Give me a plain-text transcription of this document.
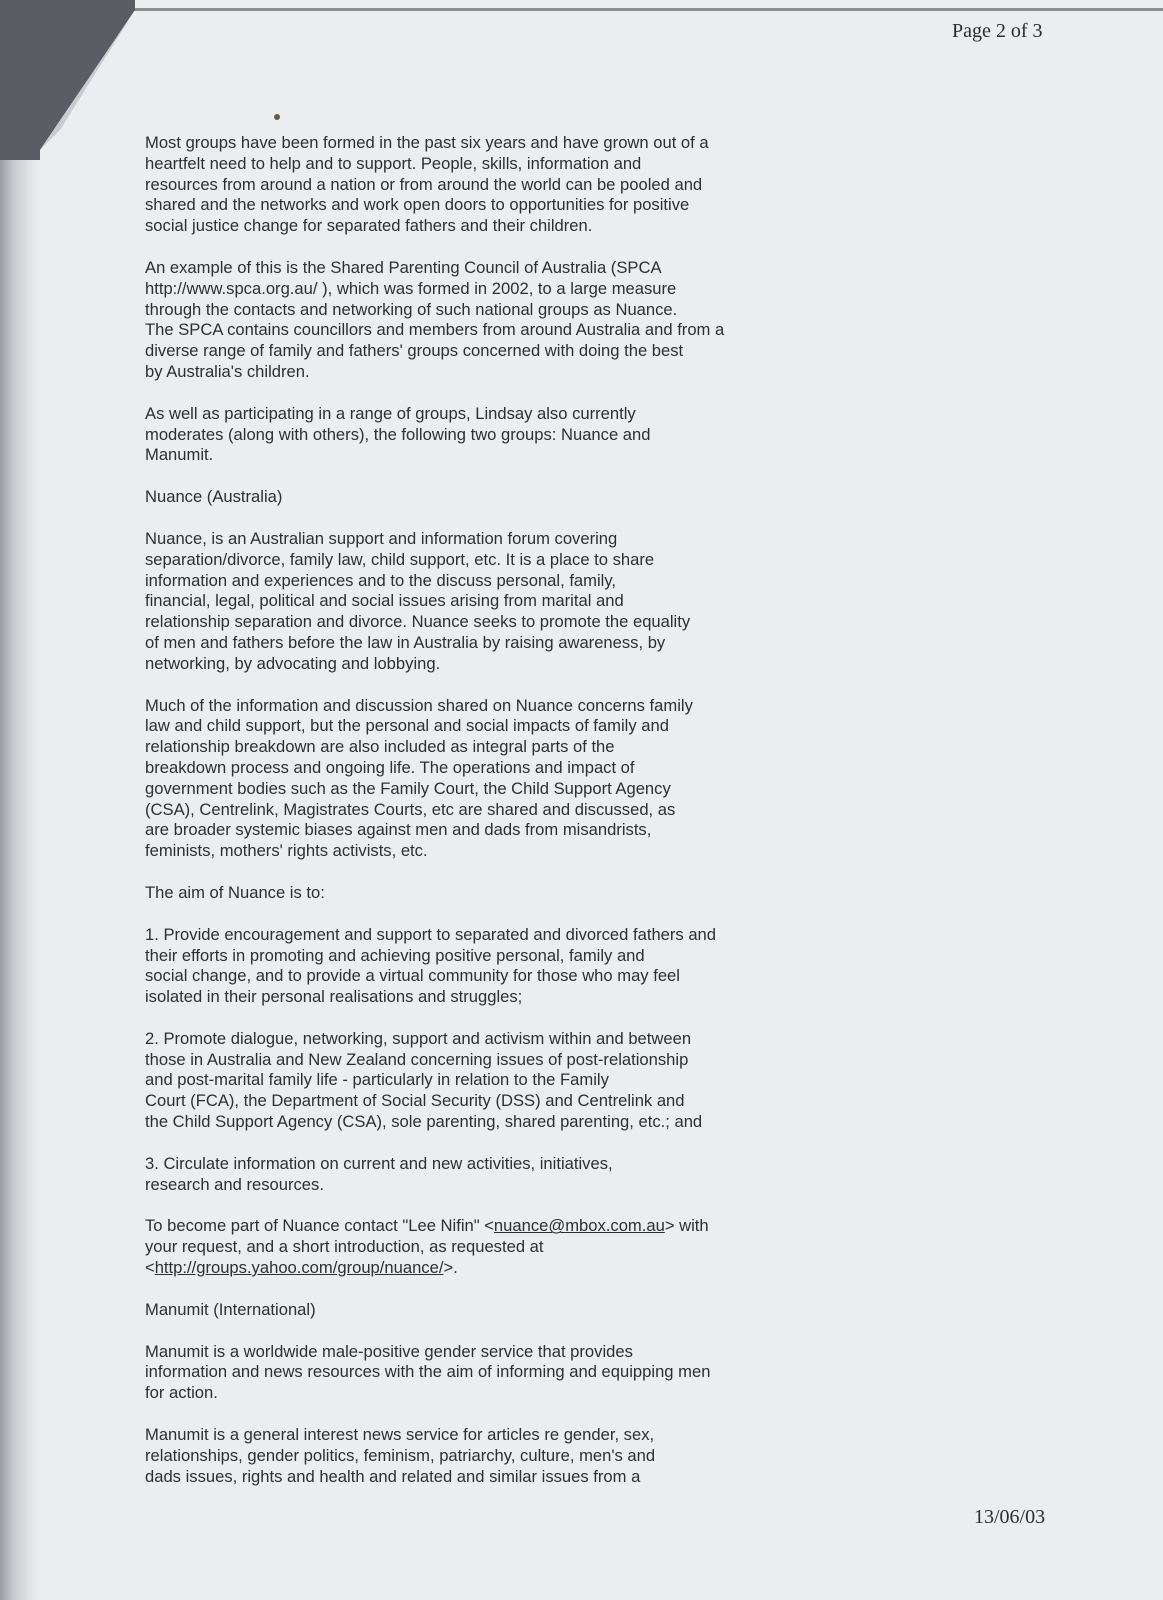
Page 2 of 3

Most groups have been formed in the past six years and have grown out of a
heartfelt need to help and to support. People, skills, information and
resources from around a nation or from around the world can be pooled and
shared and the networks and work open doors to opportunities for positive
social justice change for separated fathers and their children.

An example of this is the Shared Parenting Council of Australia (SPCA
http://www.spca.org.au/ ), which was formed in 2002, to a large measure
through the contacts and networking of such national groups as Nuance.
The SPCA contains councillors and members from around Australia and from a
diverse range of family and fathers' groups concerned with doing the best
by Australia's children.

As well as participating in a range of groups, Lindsay also currently
moderates (along with others), the following two groups: Nuance and
Manumit.

Nuance (Australia)

Nuance, is an Australian support and information forum covering
separation/divorce, family law, child support, etc. It is a place to share
information and experiences and to the discuss personal, family,
financial, legal, political and social issues arising from marital and
relationship separation and divorce. Nuance seeks to promote the equality
of men and fathers before the law in Australia by raising awareness, by
networking, by advocating and lobbying.

Much of the information and discussion shared on Nuance concerns family
law and child support, but the personal and social impacts of family and
relationship breakdown are also included as integral parts of the
breakdown process and ongoing life. The operations and impact of
government bodies such as the Family Court, the Child Support Agency
(CSA), Centrelink, Magistrates Courts, etc are shared and discussed, as
are broader systemic biases against men and dads from misandrists,
feminists, mothers' rights activists, etc.

The aim of Nuance is to:

1. Provide encouragement and support to separated and divorced fathers and
their efforts in promoting and achieving positive personal, family and
social change, and to provide a virtual community for those who may feel
isolated in their personal realisations and struggles;

2. Promote dialogue, networking, support and activism within and between
those in Australia and New Zealand concerning issues of post-relationship
and post-marital family life - particularly in relation to the Family
Court (FCA), the Department of Social Security (DSS) and Centrelink and
the Child Support Agency (CSA), sole parenting, shared parenting, etc.; and

3. Circulate information on current and new activities, initiatives,
research and resources.

To become part of Nuance contact "Lee Nifin" <nuance@mbox.com.au> with
your request, and a short introduction, as requested at
<http://groups.yahoo.com/group/nuance/>.

Manumit (International)

Manumit is a worldwide male-positive gender service that provides
information and news resources with the aim of informing and equipping men
for action.

Manumit is a general interest news service for articles re gender, sex,
relationships, gender politics, feminism, patriarchy, culture, men's and
dads issues, rights and health and related and similar issues from a

13/06/03
